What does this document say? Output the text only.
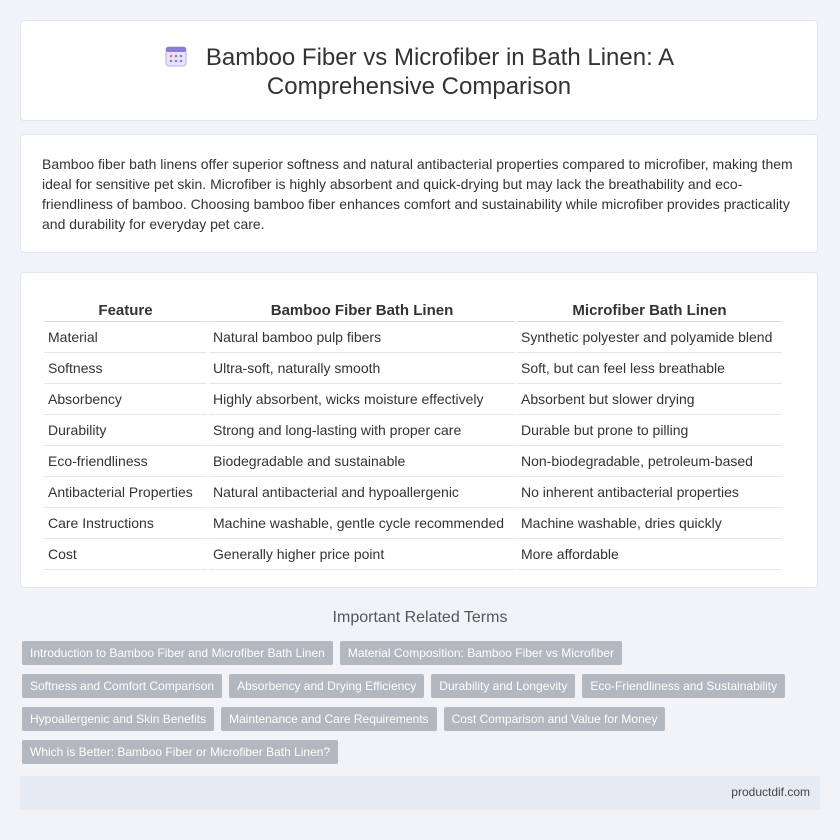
Bamboo Fiber vs Microfiber in Bath Linen: A Comprehensive Comparison
Bamboo fiber bath linens offer superior softness and natural antibacterial properties compared to microfiber, making them ideal for sensitive pet skin. Microfiber is highly absorbent and quick-drying but may lack the breathability and eco-friendliness of bamboo. Choosing bamboo fiber enhances comfort and sustainability while microfiber provides practicality and durability for everyday pet care.
Feature	Bamboo Fiber Bath Linen	Microfiber Bath Linen
Material	Natural bamboo pulp fibers	Synthetic polyester and polyamide blend
Softness	Ultra-soft, naturally smooth	Soft, but can feel less breathable
Absorbency	Highly absorbent, wicks moisture effectively	Absorbent but slower drying
Durability	Strong and long-lasting with proper care	Durable but prone to pilling
Eco-friendliness	Biodegradable and sustainable	Non-biodegradable, petroleum-based
Antibacterial Properties	Natural antibacterial and hypoallergenic	No inherent antibacterial properties
Care Instructions	Machine washable, gentle cycle recommended	Machine washable, dries quickly
Cost	Generally higher price point	More affordable
Important Related Terms
Introduction to Bamboo Fiber and Microfiber Bath Linen Material Composition: Bamboo Fiber vs Microfiber
Softness and Comfort Comparison Absorbency and Drying Efficiency Durability and Longevity Eco-Friendliness and Sustainability
Hypoallergenic and Skin Benefits Maintenance and Care Requirements Cost Comparison and Value for Money
Which is Better: Bamboo Fiber or Microfiber Bath Linen?
productdif.com
